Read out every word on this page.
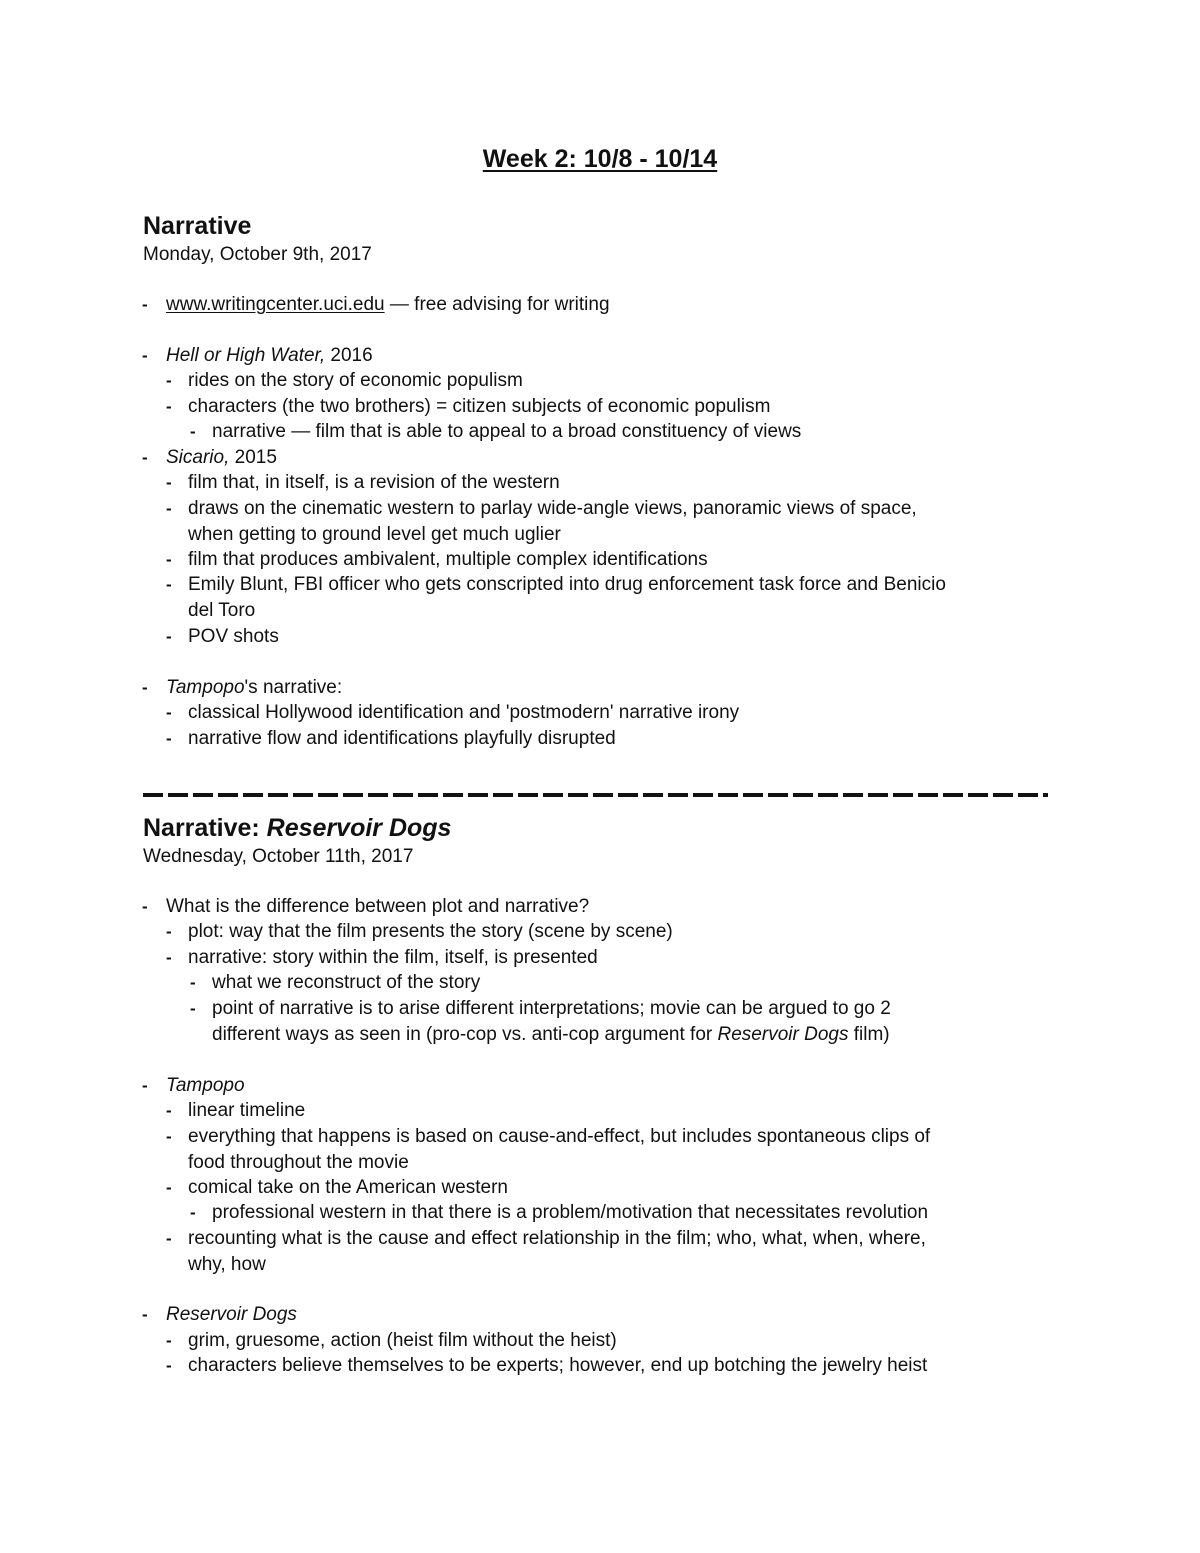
Week 2: 10/8 - 10/14
Narrative
Monday, October 9th, 2017
- www.writingcenter.uci.edu — free advising for writing
- Hell or High Water, 2016
- rides on the story of economic populism
- characters (the two brothers) = citizen subjects of economic populism
- narrative — film that is able to appeal to a broad constituency of views
- Sicario, 2015
- film that, in itself, is a revision of the western
- draws on the cinematic western to parlay wide-angle views, panoramic views of space,
when getting to ground level get much uglier
- film that produces ambivalent, multiple complex identifications
- Emily Blunt, FBI officer who gets conscripted into drug enforcement task force and Benicio
del Toro
- POV shots
- Tampopo's narrative:
- classical Hollywood identification and 'postmodern' narrative irony
- narrative flow and identifications playfully disrupted
Narrative: Reservoir Dogs
Wednesday, October 11th, 2017
- What is the difference between plot and narrative?
- plot: way that the film presents the story (scene by scene)
- narrative: story within the film, itself, is presented
- what we reconstruct of the story
- point of narrative is to arise different interpretations; movie can be argued to go 2
different ways as seen in (pro-cop vs. anti-cop argument for Reservoir Dogs film)
- Tampopo
- linear timeline
- everything that happens is based on cause-and-effect, but includes spontaneous clips of
food throughout the movie
- comical take on the American western
- professional western in that there is a problem/motivation that necessitates revolution
- recounting what is the cause and effect relationship in the film; who, what, when, where,
why, how
- Reservoir Dogs
- grim, gruesome, action (heist film without the heist)
- characters believe themselves to be experts; however, end up botching the jewelry heist
